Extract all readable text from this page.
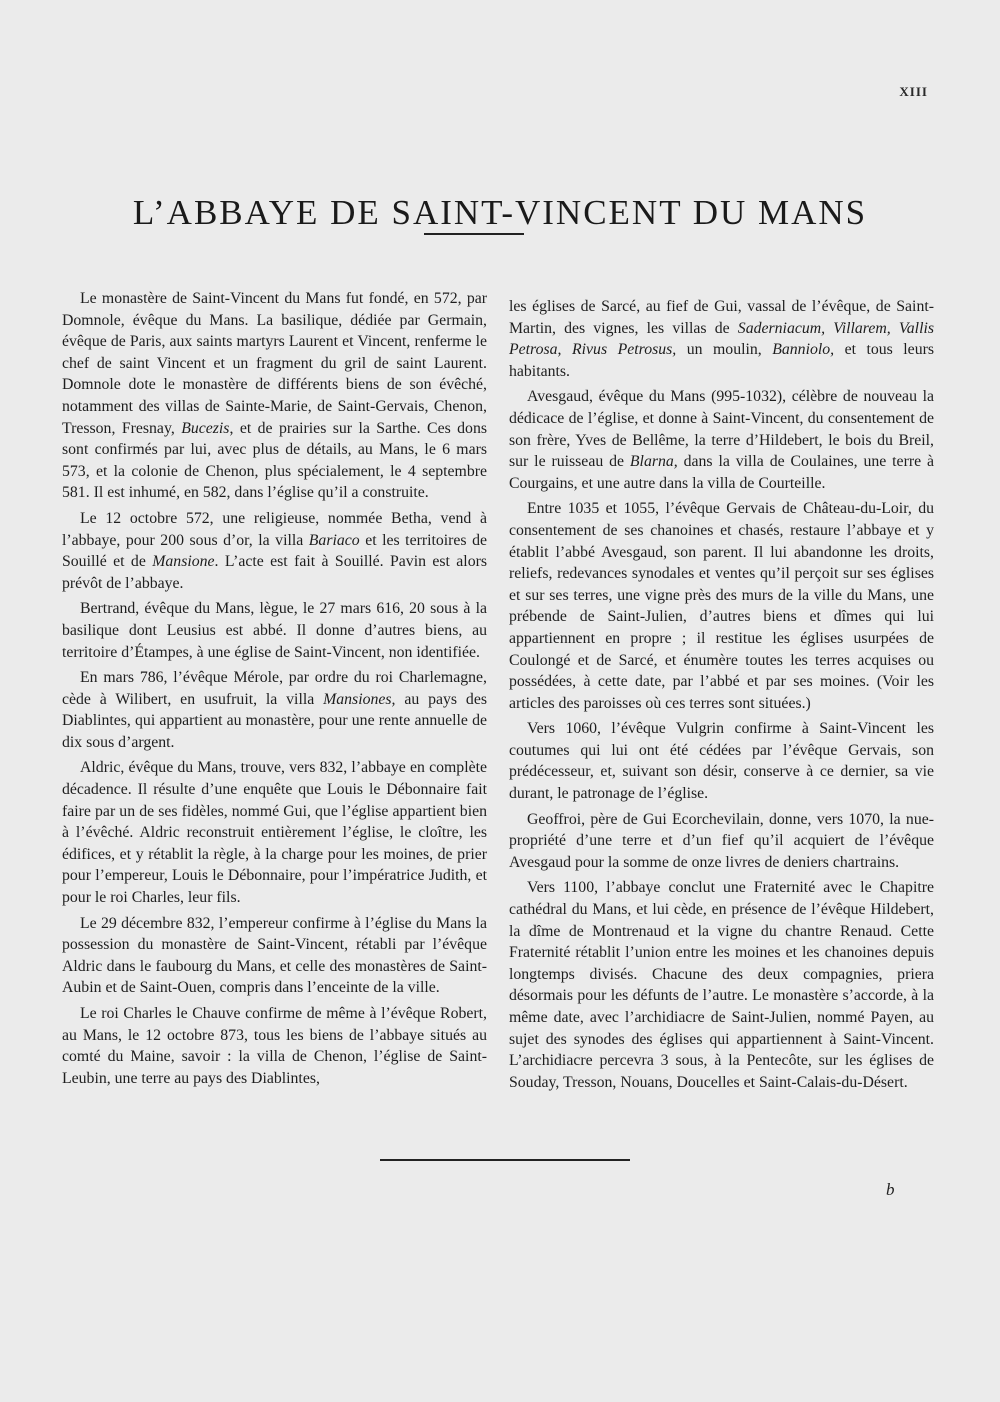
XIII
L’ABBAYE DE SAINT-VINCENT DU MANS

Le monastère de Saint-Vincent du Mans fut fondé, en 572, par Domnole, évêque du Mans. La basilique, dédiée par Germain, évêque de Paris, aux saints martyrs Laurent et Vincent, renferme le chef de saint Vincent et un fragment du gril de saint Laurent. Domnole dote le monastère de différents biens de son évêché, notamment des villas de Sainte-Marie, de Saint-Gervais, Chenon, Tresson, Fresnay, Bucezis, et de prairies sur la Sarthe. Ces dons sont confirmés par lui, avec plus de détails, au Mans, le 6 mars 573, et la colonie de Chenon, plus spécialement, le 4 septembre 581. Il est inhumé, en 582, dans l’église qu’il a construite.

Le 12 octobre 572, une religieuse, nommée Betha, vend à l’abbaye, pour 200 sous d’or, la villa Bariaco et les territoires de Souillé et de Mansione. L’acte est fait à Souillé. Pavin est alors prévôt de l’abbaye.

Bertrand, évêque du Mans, lègue, le 27 mars 616, 20 sous à la basilique dont Leusius est abbé. Il donne d’autres biens, au territoire d’Étampes, à une église de Saint-Vincent, non identifiée.

En mars 786, l’évêque Mérole, par ordre du roi Charlemagne, cède à Wilibert, en usufruit, la villa Mansiones, au pays des Diablintes, qui appartient au monastère, pour une rente annuelle de dix sous d’argent.

Aldric, évêque du Mans, trouve, vers 832, l’abbaye en complète décadence. Il résulte d’une enquête que Louis le Débonnaire fait faire par un de ses fidèles, nommé Gui, que l’église appartient bien à l’évêché. Aldric reconstruit entièrement l’église, le cloître, les édifices, et y rétablit la règle, à la charge pour les moines, de prier pour l’empereur, Louis le Débonnaire, pour l’impératrice Judith, et pour le roi Charles, leur fils.

Le 29 décembre 832, l’empereur confirme à l’église du Mans la possession du monastère de Saint-Vincent, rétabli par l’évêque Aldric dans le faubourg du Mans, et celle des monastères de Saint-Aubin et de Saint-Ouen, compris dans l’enceinte de la ville.

Le roi Charles le Chauve confirme de même à l’évêque Robert, au Mans, le 12 octobre 873, tous les biens de l’abbaye situés au comté du Maine, savoir : la villa de Chenon, l’église de Saint-Leubin, une terre au pays des Diablintes,

les églises de Sarcé, au fief de Gui, vassal de l’évêque, de Saint-Martin, des vignes, les villas de Saderniacum, Villarem, Vallis Petrosa, Rivus Petrosus, un moulin, Banniolo, et tous leurs habitants.

Avesgaud, évêque du Mans (995-1032), célèbre de nouveau la dédicace de l’église, et donne à Saint-Vincent, du consentement de son frère, Yves de Bellême, la terre d’Hildebert, le bois du Breil, sur le ruisseau de Blarna, dans la villa de Coulaines, une terre à Courgains, et une autre dans la villa de Courteille.

Entre 1035 et 1055, l’évêque Gervais de Château-du-Loir, du consentement de ses chanoines et chasés, restaure l’abbaye et y établit l’abbé Avesgaud, son parent. Il lui abandonne les droits, reliefs, redevances synodales et ventes qu’il perçoit sur ses églises et sur ses terres, une vigne près des murs de la ville du Mans, une prébende de Saint-Julien, d’autres biens et dîmes qui lui appartiennent en propre ; il restitue les églises usurpées de Coulongé et de Sarcé, et énumère toutes les terres acquises ou possédées, à cette date, par l’abbé et par ses moines. (Voir les articles des paroisses où ces terres sont situées.)

Vers 1060, l’évêque Vulgrin confirme à Saint-Vincent les coutumes qui lui ont été cédées par l’évêque Gervais, son prédécesseur, et, suivant son désir, conserve à ce dernier, sa vie durant, le patronage de l’église.

Geoffroi, père de Gui Ecorchevilain, donne, vers 1070, la nue-propriété d’une terre et d’un fief qu’il acquiert de l’évêque Avesgaud pour la somme de onze livres de deniers chartrains.

Vers 1100, l’abbaye conclut une Fraternité avec le Chapitre cathédral du Mans, et lui cède, en présence de l’évêque Hildebert, la dîme de Montrenaud et la vigne du chantre Renaud. Cette Fraternité rétablit l’union entre les moines et les chanoines depuis longtemps divisés. Chacune des deux compagnies, priera désormais pour les défunts de l’autre. Le monastère s’accorde, à la même date, avec l’archidiacre de Saint-Julien, nommé Payen, au sujet des synodes des églises qui appartiennent à Saint-Vincent. L’archidiacre percevra 3 sous, à la Pentecôte, sur les églises de Souday, Tresson, Nouans, Doucelles et Saint-Calais-du-Désert.

b
